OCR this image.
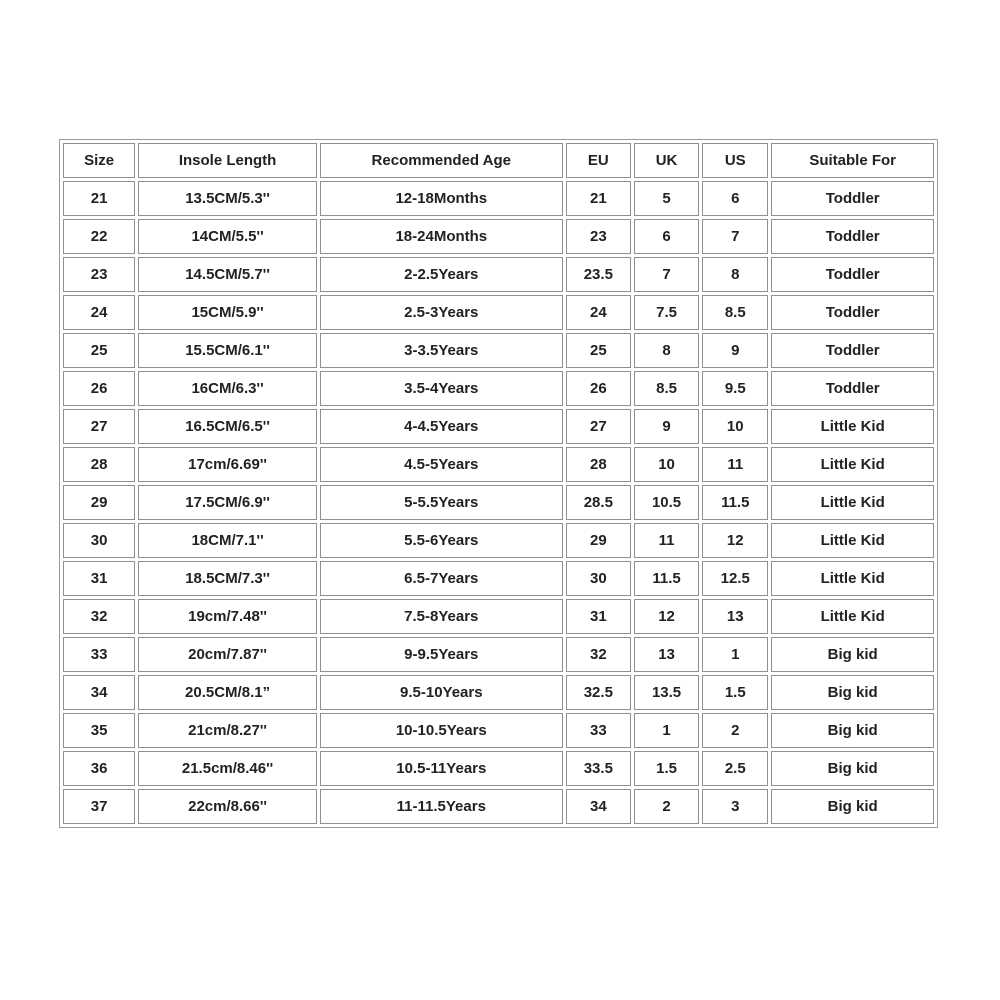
Size	Insole Length	Recommended Age	EU	UK	US	Suitable For
21	13.5CM/5.3''	12-18Months	21	5	6	Toddler
22	14CM/5.5''	18-24Months	23	6	7	Toddler
23	14.5CM/5.7''	2-2.5Years	23.5	7	8	Toddler
24	15CM/5.9''	2.5-3Years	24	7.5	8.5	Toddler
25	15.5CM/6.1''	3-3.5Years	25	8	9	Toddler
26	16CM/6.3''	3.5-4Years	26	8.5	9.5	Toddler
27	16.5CM/6.5''	4-4.5Years	27	9	10	Little Kid
28	17cm/6.69''	4.5-5Years	28	10	11	Little Kid
29	17.5CM/6.9''	5-5.5Years	28.5	10.5	11.5	Little Kid
30	18CM/7.1''	5.5-6Years	29	11	12	Little Kid
31	18.5CM/7.3''	6.5-7Years	30	11.5	12.5	Little Kid
32	19cm/7.48''	7.5-8Years	31	12	13	Little Kid
33	20cm/7.87''	9-9.5Years	32	13	1	Big kid
34	20.5CM/8.1”	9.5-10Years	32.5	13.5	1.5	Big kid
35	21cm/8.27''	10-10.5Years	33	1	2	Big kid
36	21.5cm/8.46''	10.5-11Years	33.5	1.5	2.5	Big kid
37	22cm/8.66''	11-11.5Years	34	2	3	Big kid
